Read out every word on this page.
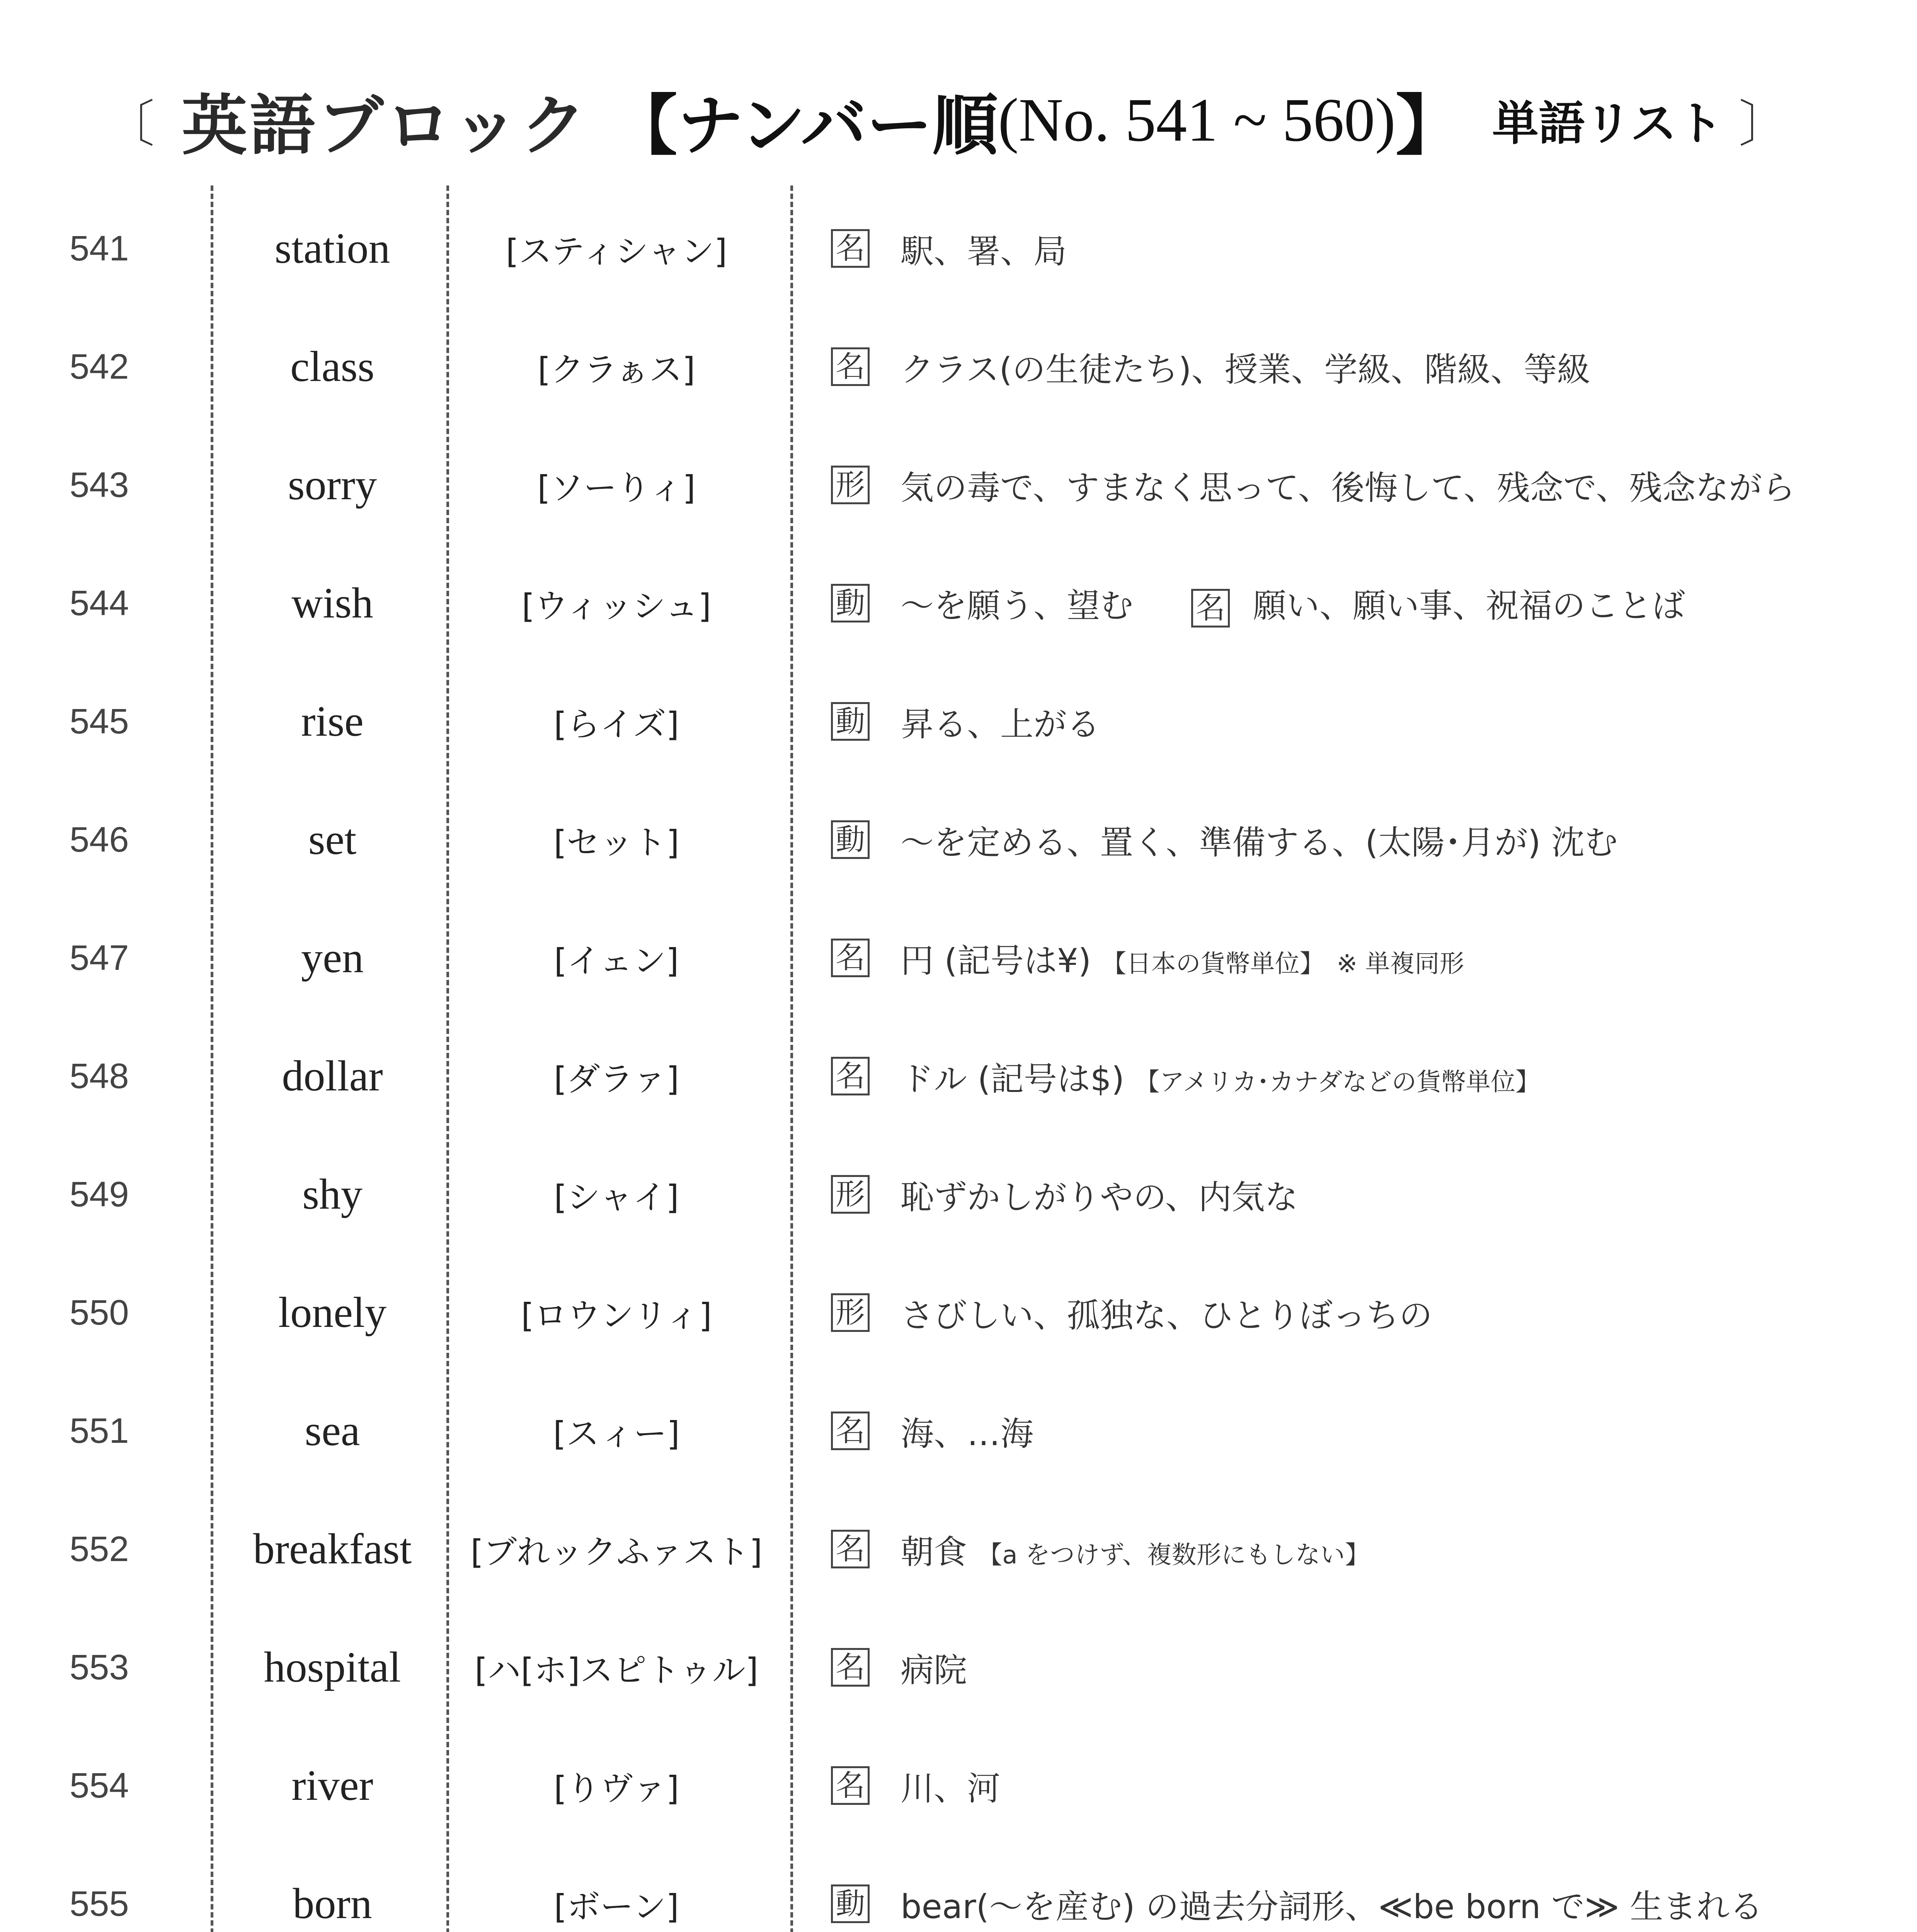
〔 英語ブロック 【ナンバー順 (No. 541 ~ 560) 】 単語リスト 〕
541	station	[スティシャン]	名 駅、署、局
542	class	[クラぁス]	名 クラス(の生徒たち)、授業、学級、階級、等級
543	sorry	[ソーりィ]	形 気の毒で、すまなく思って、後悔して、残念で、残念ながら
544	wish	[ウィッシュ]	動 ～を願う、望む 名 願い、願い事、祝福のことば
545	rise	[らイズ]	動 昇る、上がる
546	set	[セット]	動 ～を定める、置く、準備する、(太陽･月が) 沈む
547	yen	[イェン]	名 円 (記号は¥) 【日本の貨幣単位】　※ 単複同形
548	dollar	[ダラァ]	名 ドル (記号は$) 【アメリカ･カナダなどの貨幣単位】
549	shy	[シャイ]	形 恥ずかしがりやの、内気な
550	lonely	[ロウンリィ]	形 さびしい、孤独な、ひとりぼっちの
551	sea	[スィー]	名 海、…海
552	breakfast	[ブれックふァスト]	名 朝食 【a をつけず、複数形にもしない】
553	hospital	[ハ[ホ]スピトゥル]	名 病院
554	river	[りヴァ]	名 川、河
555	born	[ボーン]	動 bear(～を産む) の過去分詞形、≪be born で≫ 生まれる
